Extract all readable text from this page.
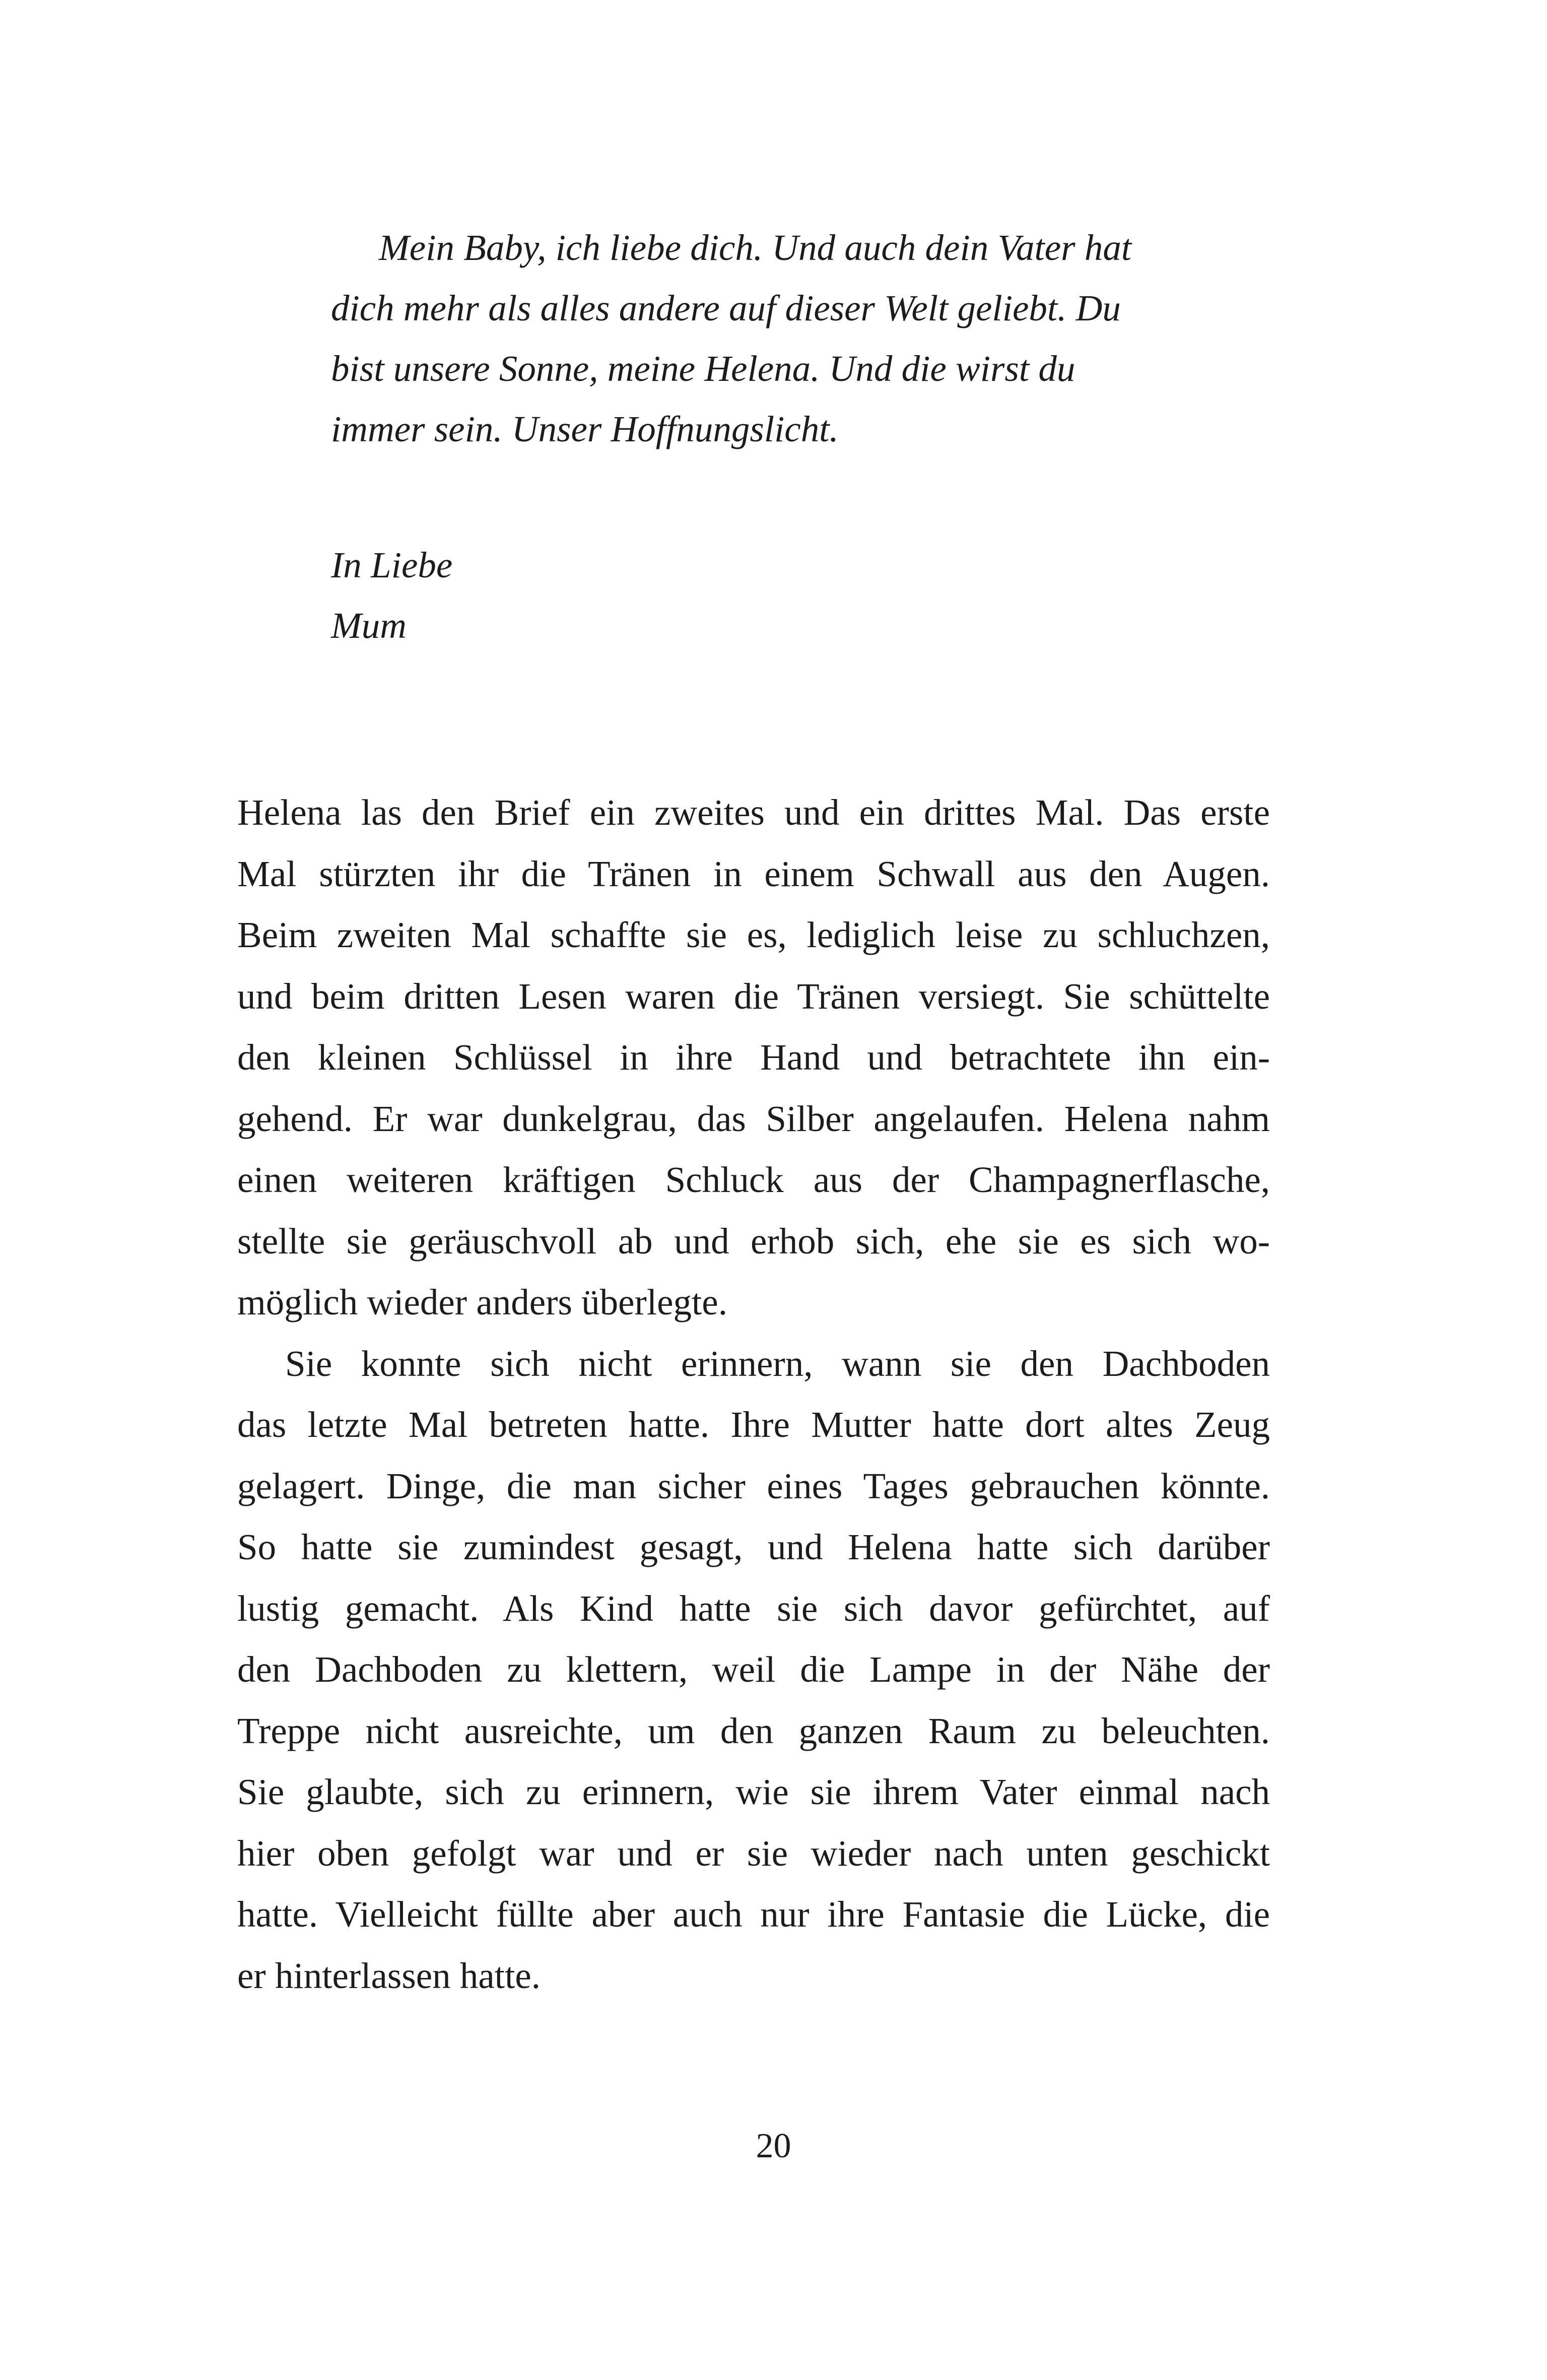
Mein Baby, ich liebe dich. Und auch dein Vater hat
dich mehr als alles andere auf dieser Welt geliebt. Du
bist unsere Sonne, meine Helena. Und die wirst du
immer sein. Unser Hoffnungslicht.
In Liebe
Mum
Helena las den Brief ein zweites und ein drittes Mal. Das erste
Mal stürzten ihr die Tränen in einem Schwall aus den Augen.
Beim zweiten Mal schaffte sie es, lediglich leise zu schluchzen,
und beim dritten Lesen waren die Tränen versiegt. Sie schüttelte
den kleinen Schlüssel in ihre Hand und betrachtete ihn ein-
gehend. Er war dunkelgrau, das Silber angelaufen. Helena nahm
einen weiteren kräftigen Schluck aus der Champagnerflasche,
stellte sie geräuschvoll ab und erhob sich, ehe sie es sich wo-
möglich wieder anders überlegte.
Sie konnte sich nicht erinnern, wann sie den Dachboden
das letzte Mal betreten hatte. Ihre Mutter hatte dort altes Zeug
gelagert. Dinge, die man sicher eines Tages gebrauchen könnte.
So hatte sie zumindest gesagt, und Helena hatte sich darüber
lustig gemacht. Als Kind hatte sie sich davor gefürchtet, auf
den Dachboden zu klettern, weil die Lampe in der Nähe der
Treppe nicht ausreichte, um den ganzen Raum zu beleuchten.
Sie glaubte, sich zu erinnern, wie sie ihrem Vater einmal nach
hier oben gefolgt war und er sie wieder nach unten geschickt
hatte. Vielleicht füllte aber auch nur ihre Fantasie die Lücke, die
er hinterlassen hatte.
20
